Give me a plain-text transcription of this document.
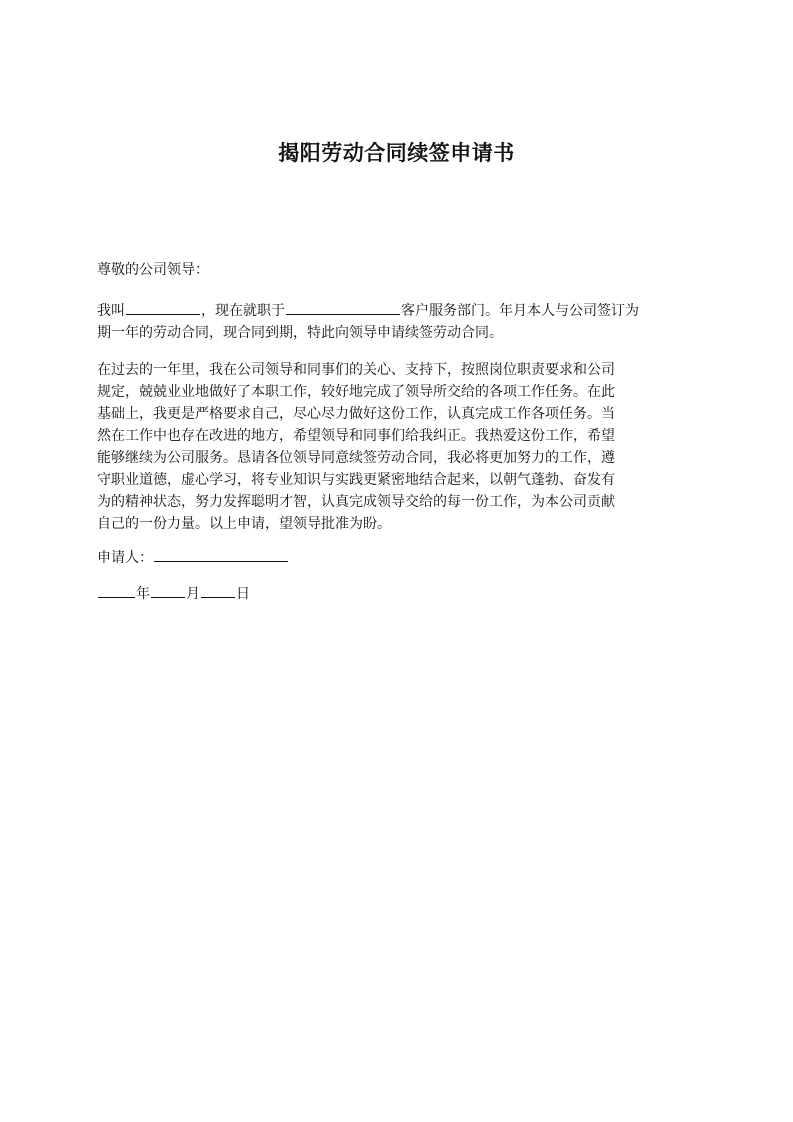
揭阳劳动合同续签申请书
尊敬的公司领导：

我叫	，现在就职于	客户服务部门。年月本人与公司签订为

期一年的劳动合同，现合同到期，特此向领导申请续签劳动合同。

在过去的一年里，我在公司领导和同事们的关心、支持下，按照岗位职责要求和公司

规定，兢兢业业地做好了本职工作，较好地完成了领导所交给的各项工作任务。在此

基础上，我更是严格要求自己，尽心尽力做好这份工作，认真完成工作各项任务。当

然在工作中也存在改进的地方，希望领导和同事们给我纠正。我热爱这份工作，希望

能够继续为公司服务。恳请各位领导同意续签劳动合同，我必将更加努力的工作，遵

守职业道德，虚心学习，将专业知识与实践更紧密地结合起来，以朝气蓬勃、奋发有

为的精神状态，努力发挥聪明才智，认真完成领导交给的每一份工作，为本公司贡献

自己的一份力量。以上申请，望领导批准为盼。

申请人：
年	月	日
